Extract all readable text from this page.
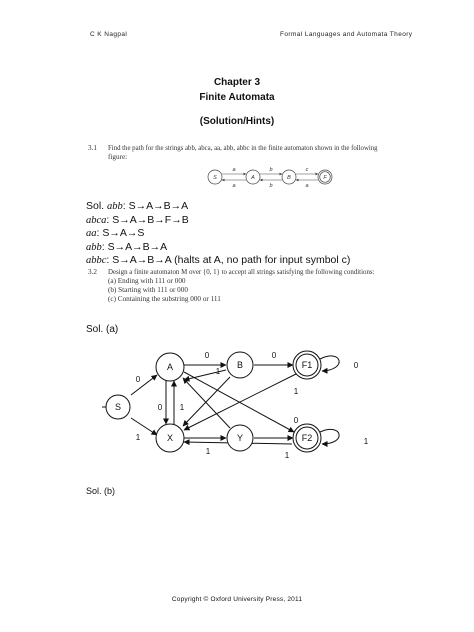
C K Nagpal	Formal Languages and Automata Theory
Chapter 3
Finite Automata
(Solution/Hints)
3.1 Find the path for the strings abb, abca, aa, abb, abbc in the finite automaton shown in the following
figure:
S	A	B	F
a
a
b
b
c
a
Sol. abb: S→A→B→A
abca: S→A→B→F→B
aa: S→A→S
abb: S→A→B→A
abbc: S→A→B→A (halts at A, no path for input symbol c)
3.2 Design a finite automaton M over {0, 1} to accept all strings satisfying the following conditions:
(a) Ending with 111 or 000
(b) Starting with 111 or 000
(c) Containing the substring 000 or 111
Sol. (a)
S
A
X
B
Y
F1
F2
0
1
0
1
0
0
0 1
1
1	1
1
0
Sol. (b)
Copyright © Oxford University Press, 2011
